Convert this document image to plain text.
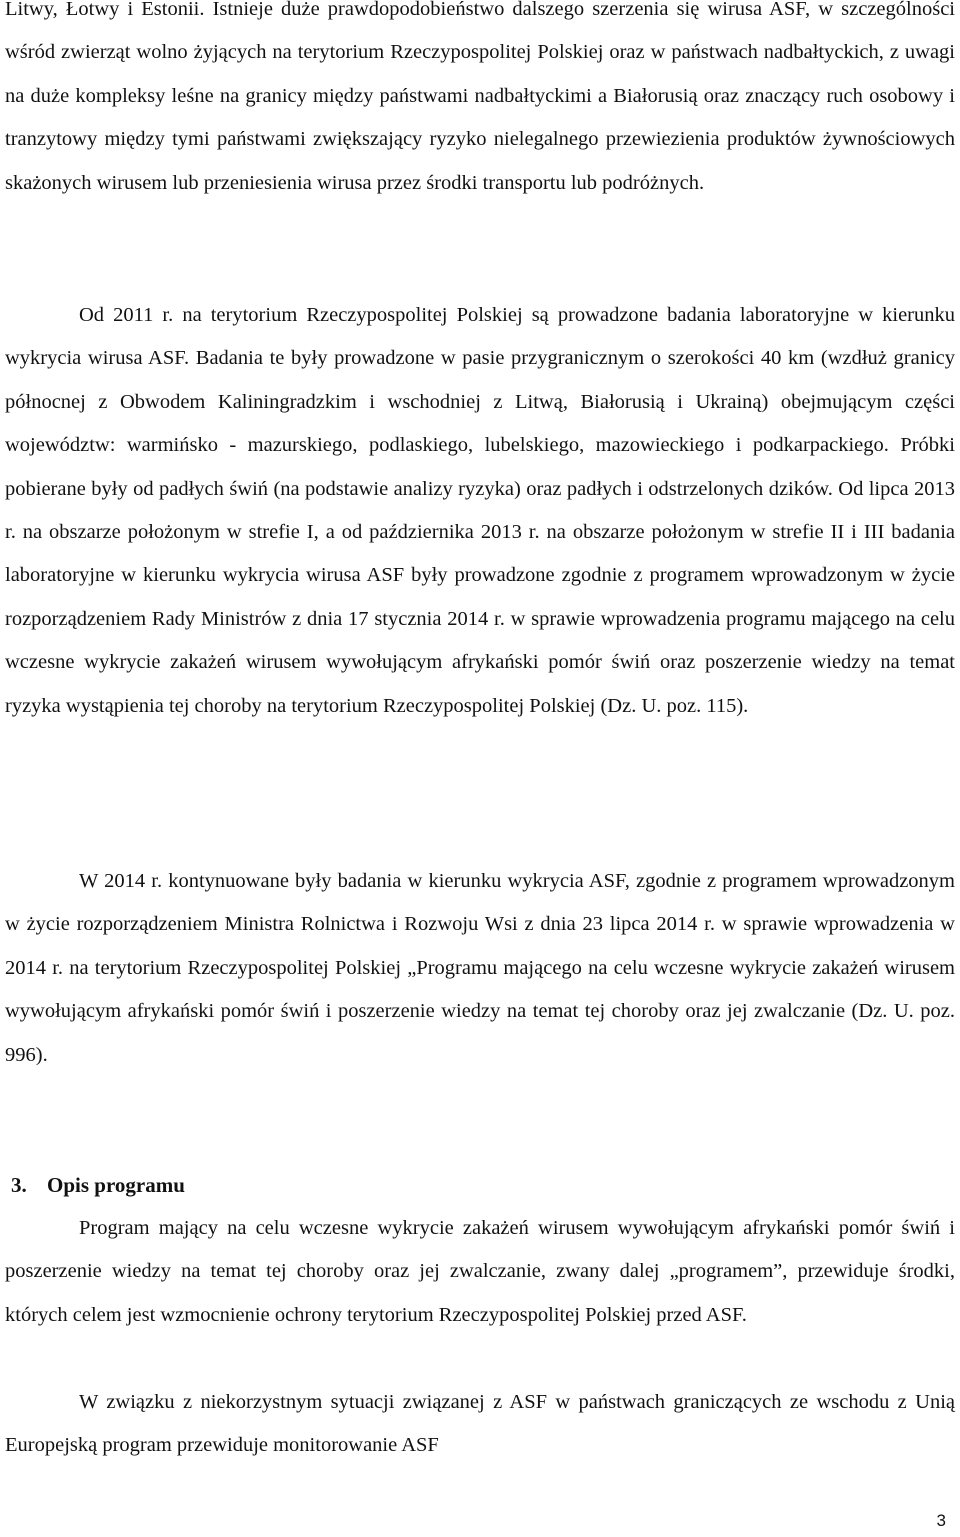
Litwy, Łotwy i Estonii. Istnieje duże prawdopodobieństwo dalszego szerzenia się wirusa ASF, w szczególności wśród zwierząt wolno żyjących na terytorium Rzeczypospolitej Polskiej oraz w państwach nadbałtyckich, z uwagi na duże kompleksy leśne na granicy między państwami nadbałtyckimi a Białorusią oraz znaczący ruch osobowy i tranzytowy między tymi państwami zwiększający ryzyko nielegalnego przewiezienia produktów żywnościowych skażonych wirusem lub przeniesienia wirusa przez środki transportu lub podróżnych.

Od 2011 r. na terytorium Rzeczypospolitej Polskiej są prowadzone badania laboratoryjne w kierunku wykrycia wirusa ASF. Badania te były prowadzone w pasie przygranicznym o szerokości 40 km (wzdłuż granicy północnej z Obwodem Kaliningradzkim i wschodniej z Litwą, Białorusią i Ukrainą) obejmującym części województw: warmińsko - mazurskiego, podlaskiego, lubelskiego, mazowieckiego i podkarpackiego. Próbki pobierane były od padłych świń (na podstawie analizy ryzyka) oraz padłych i odstrzelonych dzików. Od lipca 2013 r. na obszarze położonym w strefie I, a od października 2013 r. na obszarze położonym w strefie II i III badania laboratoryjne w kierunku wykrycia wirusa ASF były prowadzone zgodnie z programem wprowadzonym w życie rozporządzeniem Rady Ministrów z dnia 17 stycznia 2014 r. w sprawie wprowadzenia programu mającego na celu wczesne wykrycie zakażeń wirusem wywołującym afrykański pomór świń oraz poszerzenie wiedzy na temat ryzyka wystąpienia tej choroby na terytorium Rzeczypospolitej Polskiej (Dz. U. poz. 115).

W 2014 r. kontynuowane były badania w kierunku wykrycia ASF, zgodnie z programem wprowadzonym w życie rozporządzeniem Ministra Rolnictwa i Rozwoju Wsi z dnia 23 lipca 2014 r. w sprawie wprowadzenia w 2014 r. na terytorium Rzeczypospolitej Polskiej „Programu mającego na celu wczesne wykrycie zakażeń wirusem wywołującym afrykański pomór świń i poszerzenie wiedzy na temat tej choroby oraz jej zwalczanie (Dz. U. poz. 996).

3. Opis programu

Program mający na celu wczesne wykrycie zakażeń wirusem wywołującym afrykański pomór świń i poszerzenie wiedzy na temat tej choroby oraz jej zwalczanie, zwany dalej „programem”, przewiduje środki, których celem jest wzmocnienie ochrony terytorium Rzeczypospolitej Polskiej przed ASF.

W związku z niekorzystnym sytuacji związanej z ASF w państwach graniczących ze wschodu z Unią Europejską program przewiduje monitorowanie ASF

3
